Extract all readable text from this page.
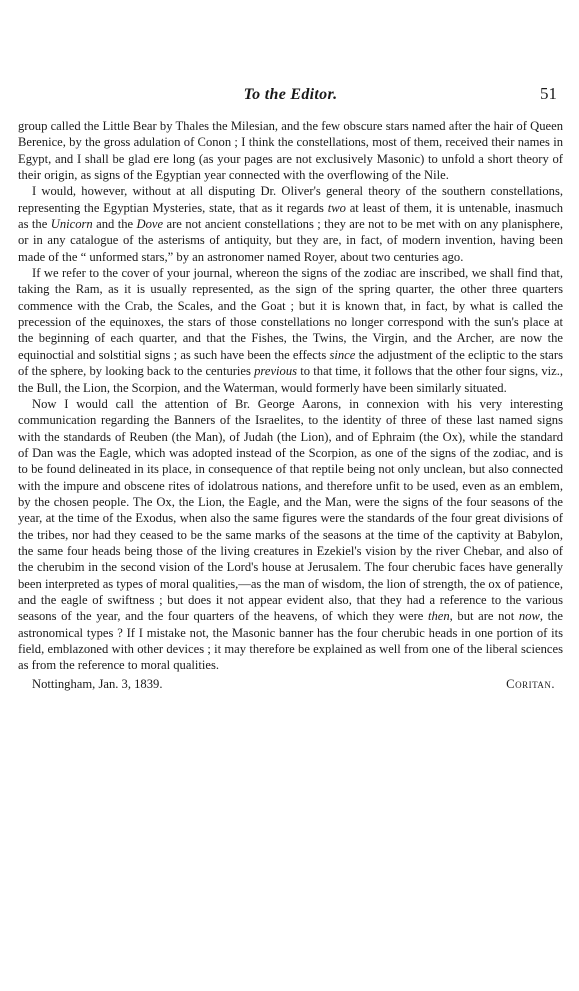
To the Editor.	51

group called the Little Bear by Thales the Milesian, and the few obscure stars named after the hair of Queen Berenice, by the gross adulation of Conon ; I think the constellations, most of them, received their names in Egypt, and I shall be glad ere long (as your pages are not exclusively Masonic) to unfold a short theory of their origin, as signs of the Egyptian year connected with the overflowing of the Nile.

I would, however, without at all disputing Dr. Oliver's general theory of the southern constellations, representing the Egyptian Mysteries, state, that as it regards two at least of them, it is untenable, inasmuch as the Unicorn and the Dove are not ancient constellations ; they are not to be met with on any planisphere, or in any catalogue of the asterisms of antiquity, but they are, in fact, of modern invention, having been made of the “ unformed stars,” by an astronomer named Royer, about two centuries ago.

If we refer to the cover of your journal, whereon the signs of the zodiac are inscribed, we shall find that, taking the Ram, as it is usually represented, as the sign of the spring quarter, the other three quarters commence with the Crab, the Scales, and the Goat ; but it is known that, in fact, by what is called the precession of the equinoxes, the stars of those constellations no longer correspond with the sun's place at the beginning of each quarter, and that the Fishes, the Twins, the Virgin, and the Archer, are now the equinoctial and solstitial signs ; as such have been the effects since the adjustment of the ecliptic to the stars of the sphere, by looking back to the centuries previous to that time, it follows that the other four signs, viz., the Bull, the Lion, the Scorpion, and the Waterman, would formerly have been similarly situated.

Now I would call the attention of Br. George Aarons, in connexion with his very interesting communication regarding the Banners of the Israelites, to the identity of three of these last named signs with the standards of Reuben (the Man), of Judah (the Lion), and of Ephraim (the Ox), while the standard of Dan was the Eagle, which was adopted instead of the Scorpion, as one of the signs of the zodiac, and is to be found delineated in its place, in consequence of that reptile being not only unclean, but also connected with the impure and obscene rites of idolatrous nations, and therefore unfit to be used, even as an emblem, by the chosen people. The Ox, the Lion, the Eagle, and the Man, were the signs of the four seasons of the year, at the time of the Exodus, when also the same figures were the standards of the four great divisions of the tribes, nor had they ceased to be the same marks of the seasons at the time of the captivity at Babylon, the same four heads being those of the living creatures in Ezekiel's vision by the river Chebar, and also of the cherubim in the second vision of the Lord's house at Jerusalem. The four cherubic faces have generally been interpreted as types of moral qualities,—as the man of wisdom, the lion of strength, the ox of patience, and the eagle of swiftness ; but does it not appear evident also, that they had a reference to the various seasons of the year, and the four quarters of the heavens, of which they were then, but are not now, the astronomical types ? If I mistake not, the Masonic banner has the four cherubic heads in one portion of its field, emblazoned with other devices ; it may therefore be explained as well from one of the liberal sciences as from the reference to moral qualities.

Nottingham, Jan. 3, 1839.	Coritan.
